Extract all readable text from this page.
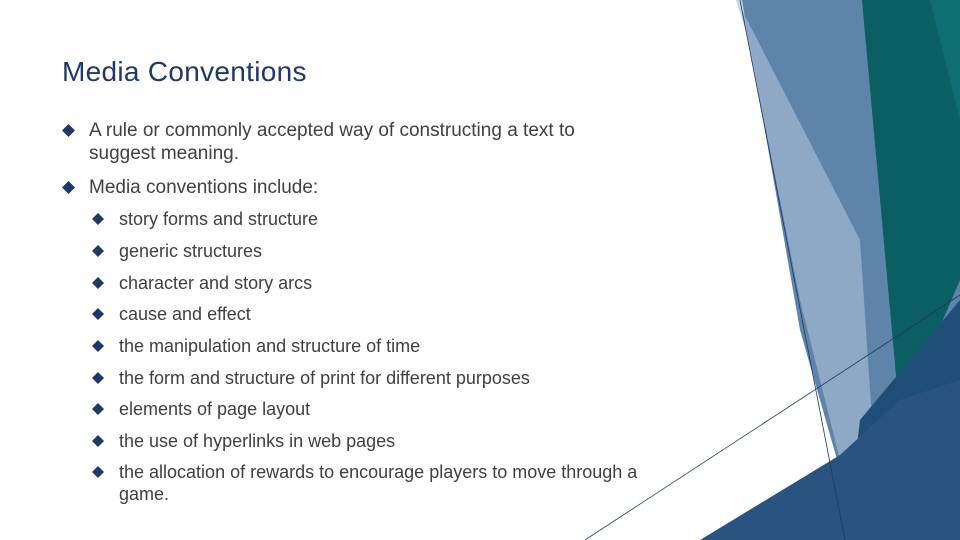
Media Conventions
A rule or commonly accepted way of constructing a text to
suggest meaning.
Media conventions include:
story forms and structure
generic structures
character and story arcs
cause and effect
the manipulation and structure of time
the form and structure of print for different purposes
elements of page layout
the use of hyperlinks in web pages
the allocation of rewards to encourage players to move through a
game.
